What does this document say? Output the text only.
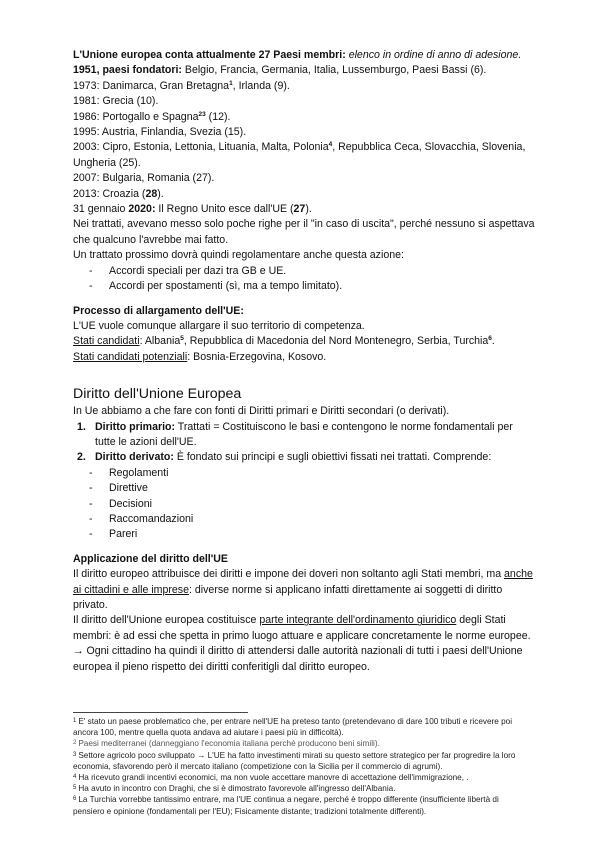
L'Unione europea conta attualmente 27 Paesi membri: elenco in ordine di anno di adesione.

1951, paesi fondatori: Belgio, Francia, Germania, Italia, Lussemburgo, Paesi Bassi (6).

1973: Danimarca, Gran Bretagna$^1$, Irlanda (9).

1981: Grecia (10).

1986: Portogallo e Spagna$^{23}$ (12).

1995: Austria, Finlandia, Svezia (15).

2003: Cipro, Estonia, Lettonia, Lituania, Malta, Polonia$^4$, Repubblica Ceca, Slovacchia, Slovenia, Ungheria (25).

2007: Bulgaria, Romania (27).

2013: Croazia (28).

31 gennaio 2020: Il Regno Unito esce dall'UE (27).

Nei trattati, avevano messo solo poche righe per il "in caso di uscita", perché nessuno si aspettava che qualcuno l'avrebbe mai fatto.

Un trattato prossimo dovrà quindi regolamentare anche questa azione:

-	Accordi speciali per dazi tra GB e UE.
-	Accordi per spostamenti (sì, ma a tempo limitato).

Processo di allargamento dell'UE:

L'UE vuole comunque allargare il suo territorio di competenza.

Stati candidati: Albania$^5$, Repubblica di Macedonia del Nord Montenegro, Serbia, Turchia$^6$.

Stati candidati potenziali: Bosnia-Erzegovina, Kosovo.

Diritto dell'Unione Europea

In Ue abbiamo a che fare con fonti di Diritti primari e Diritti secondari (o derivati).

1. Diritto primario: Trattati = Costituiscono le basi e contengono le norme fondamentali per tutte le azioni dell'UE.
2. Diritto derivato: È fondato sui principi e sugli obiettivi fissati nei trattati. Comprende:
-	Regolamenti
-	Direttive
-	Decisioni
-	Raccomandazioni
-	Pareri

Applicazione del diritto dell'UE

Il diritto europeo attribuisce dei diritti e impone dei doveri non soltanto agli Stati membri, ma anche ai cittadini e alle imprese: diverse norme si applicano infatti direttamente ai soggetti di diritto privato.

Il diritto dell'Unione europea costituisce parte integrante dell'ordinamento giuridico degli Stati membri: è ad essi che spetta in primo luogo attuare e applicare concretamente le norme europee.

→ Ogni cittadino ha quindi il diritto di attendersi dalle autorità nazionali di tutti i paesi dell'Unione europea il pieno rispetto dei diritti conferitigli dal diritto europeo.

$^1$ E' stato un paese problematico che, per entrare nell'UE ha preteso tanto (pretendevano di dare 100 tributi e ricevere poi ancora 100, mentre quella quota andava ad aiutare i paesi più in difficoltà).

$^2$ Paesi mediterranei (danneggiano l'economia italiana perché producono beni simili).

$^3$ Settore agricolo poco sviluppato → L'UE ha fatto investimenti mirati su questo settore strategico per far progredire la loro economia, sfavorendo però il mercato italiano (competizione con la Sicilia per il commercio di agrumi).

$^4$ Ha ricevuto grandi incentivi economici, ma non vuole accettare manovre di accettazione dell'immigrazione, .

$^5$ Ha avuto in incontro con Draghi, che si è dimostrato favorevole all'ingresso dell'Albania.

$^6$ La Turchia vorrebbe tantissimo entrare, ma l'UE continua a negare, perché è troppo differente (insufficiente libertà di pensiero e opinione (fondamentali per l'EU); Fisicamente distante; tradizioni totalmente differenti).
